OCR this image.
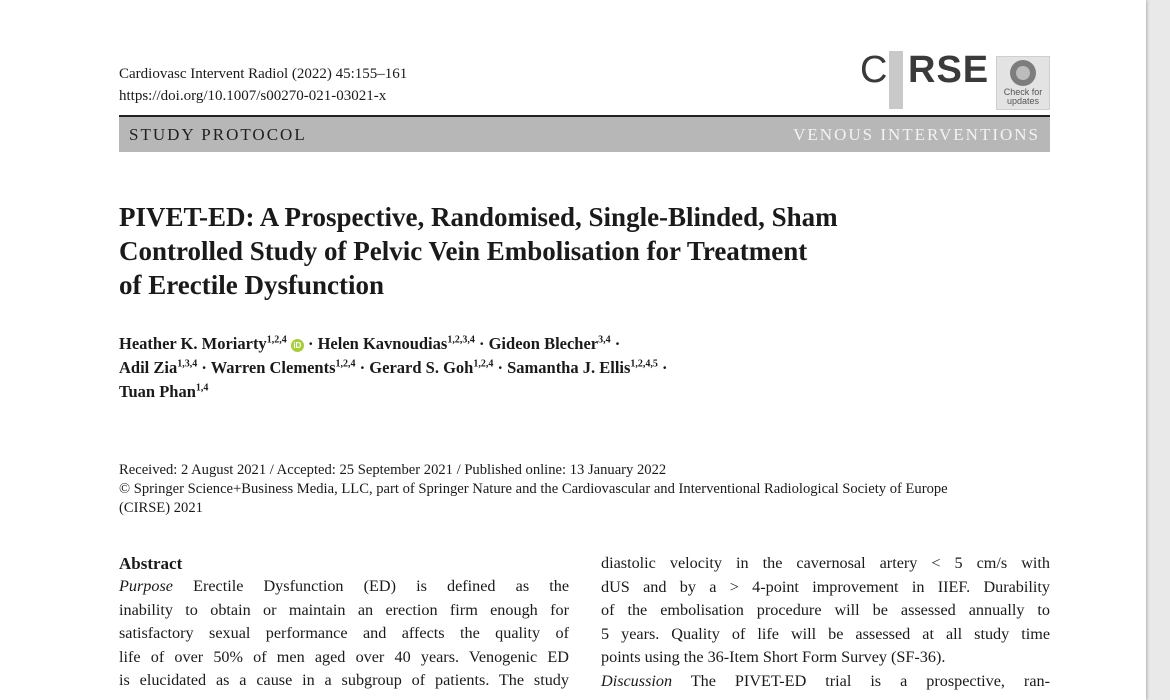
Cardiovasc Intervent Radiol (2022) 45:155–161
https://doi.org/10.1007/s00270-021-03021-x
C RSE
Check for
updates
STUDY PROTOCOL	VENOUS INTERVENTIONS
PIVET-ED: A Prospective, Randomised, Single-Blinded, Sham
Controlled Study of Pelvic Vein Embolisation for Treatment
of Erectile Dysfunction
Heather K. Moriarty$^{1,2,4}$ iD · Helen Kavnoudias$^{1,2,3,4}$ · Gideon Blecher$^{3,4}$ ·
Adil Zia$^{1,3,4}$ · Warren Clements$^{1,2,4}$ · Gerard S. Goh$^{1,2,4}$ · Samantha J. Ellis$^{1,2,4,5}$ ·
Tuan Phan$^{1,4}$
Received: 2 August 2021 / Accepted: 25 September 2021 / Published online: 13 January 2022
© Springer Science+Business Media, LLC, part of Springer Nature and the Cardiovascular and Interventional Radiological Society of Europe
(CIRSE) 2021
Abstract
Purpose Erectile Dysfunction (ED) is defined as the
inability to obtain or maintain an erection firm enough for
satisfactory sexual performance and affects the quality of
life of over 50% of men aged over 40 years. Venogenic ED
is elucidated as a cause in a subgroup of patients. The study
diastolic velocity in the cavernosal artery < 5 cm/s with
dUS and by a > 4-point improvement in IIEF. Durability
of the embolisation procedure will be assessed annually to
5 years. Quality of life will be assessed at all study time
points using the 36-Item Short Form Survey (SF-36).
Discussion The PIVET-ED trial is a prospective, ran-
